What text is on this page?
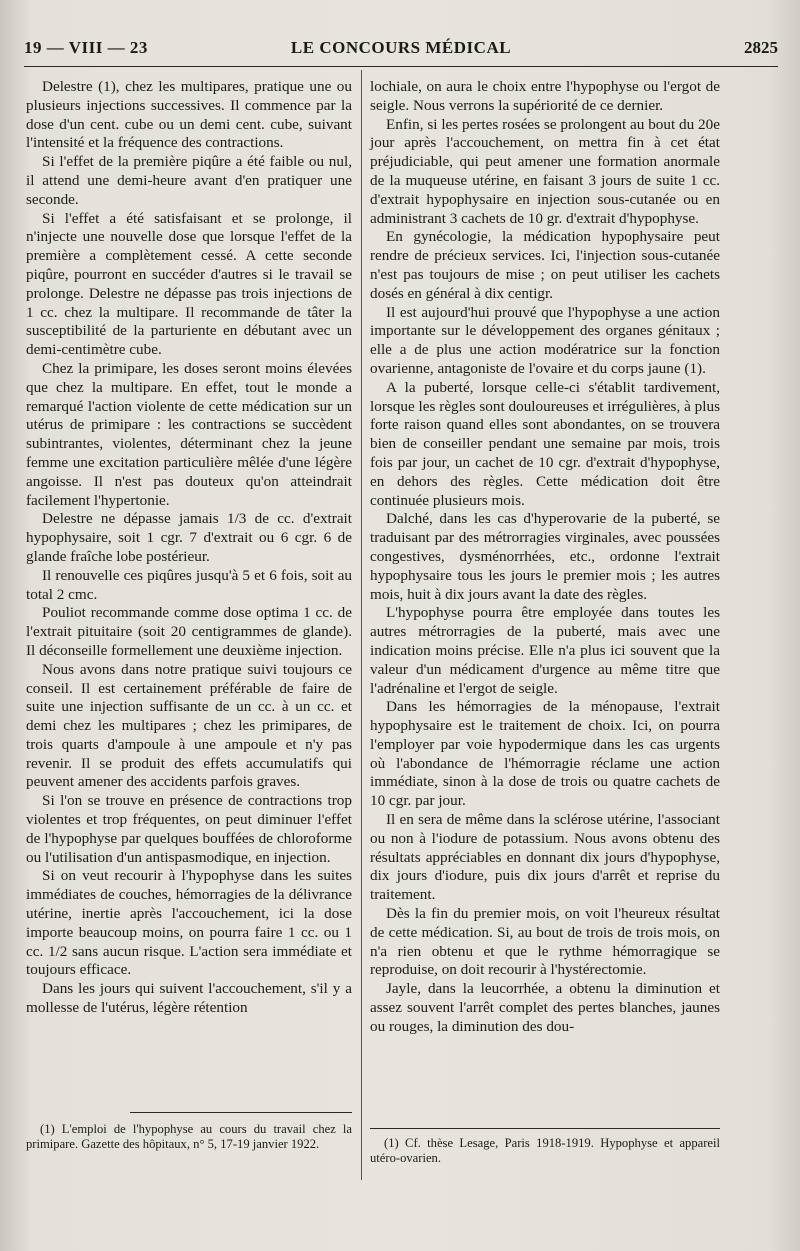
19 — VIII — 23	LE CONCOURS MÉDICAL	2825

Delestre (1), chez les multipares, pratique une ou plusieurs injections successives. Il commence par la dose d'un cent. cube ou un demi cent. cube, suivant l'intensité et la fréquence des contractions.

Si l'effet de la première piqûre a été faible ou nul, il attend une demi-heure avant d'en pratiquer une seconde.

Si l'effet a été satisfaisant et se prolonge, il n'injecte une nouvelle dose que lorsque l'effet de la première a complètement cessé. A cette seconde piqûre, pourront en succéder d'autres si le travail se prolonge. Delestre ne dépasse pas trois injections de 1 cc. chez la multipare. Il recommande de tâter la susceptibilité de la parturiente en débutant avec un demi-centimètre cube.

Chez la primipare, les doses seront moins élevées que chez la multipare. En effet, tout le monde a remarqué l'action violente de cette médication sur un utérus de primipare : les contractions se succèdent subintrantes, violentes, déterminant chez la jeune femme une excitation particulière mêlée d'une légère angoisse. Il n'est pas douteux qu'on atteindrait facilement l'hypertonie.

Delestre ne dépasse jamais 1/3 de cc. d'extrait hypophysaire, soit 1 cgr. 7 d'extrait ou 6 cgr. 6 de glande fraîche lobe postérieur.

Il renouvelle ces piqûres jusqu'à 5 et 6 fois, soit au total 2 cmc.

Pouliot recommande comme dose optima 1 cc. de l'extrait pituitaire (soit 20 centigrammes de glande). Il déconseille formellement une deuxième injection.

Nous avons dans notre pratique suivi toujours ce conseil. Il est certainement préférable de faire de suite une injection suffisante de un cc. à un cc. et demi chez les multipares ; chez les primipares, de trois quarts d'ampoule à une ampoule et n'y pas revenir. Il se produit des effets accumulatifs qui peuvent amener des accidents parfois graves.

Si l'on se trouve en présence de contractions trop violentes et trop fréquentes, on peut diminuer l'effet de l'hypophyse par quelques bouffées de chloroforme ou l'utilisation d'un antispasmodique, en injection.

Si on veut recourir à l'hypophyse dans les suites immédiates de couches, hémorragies de la délivrance utérine, inertie après l'accouchement, ici la dose importe beaucoup moins, on pourra faire 1 cc. ou 1 cc. 1/2 sans aucun risque. L'action sera immédiate et toujours efficace.

Dans les jours qui suivent l'accouchement, s'il y a mollesse de l'utérus, légère rétention

(1) L'emploi de l'hypophyse au cours du travail chez la primipare. Gazette des hôpitaux, n° 5, 17-19 janvier 1922.

lochiale, on aura le choix entre l'hypophyse ou l'ergot de seigle. Nous verrons la supériorité de ce dernier.

Enfin, si les pertes rosées se prolongent au bout du 20e jour après l'accouchement, on mettra fin à cet état préjudiciable, qui peut amener une formation anormale de la muqueuse utérine, en faisant 3 jours de suite 1 cc. d'extrait hypophysaire en injection sous-cutanée ou en administrant 3 cachets de 10 gr. d'extrait d'hypophyse.

En gynécologie, la médication hypophysaire peut rendre de précieux services. Ici, l'injection sous-cutanée n'est pas toujours de mise ; on peut utiliser les cachets dosés en général à dix centigr.

Il est aujourd'hui prouvé que l'hypophyse a une action importante sur le développement des organes génitaux ; elle a de plus une action modératrice sur la fonction ovarienne, antagoniste de l'ovaire et du corps jaune (1).

A la puberté, lorsque celle-ci s'établit tardivement, lorsque les règles sont douloureuses et irrégulières, à plus forte raison quand elles sont abondantes, on se trouvera bien de conseiller pendant une semaine par mois, trois fois par jour, un cachet de 10 cgr. d'extrait d'hypophyse, en dehors des règles. Cette médication doit être continuée plusieurs mois.

Dalché, dans les cas d'hyperovarie de la puberté, se traduisant par des métrorragies virginales, avec poussées congestives, dysménorrhées, etc., ordonne l'extrait hypophysaire tous les jours le premier mois ; les autres mois, huit à dix jours avant la date des règles.

L'hypophyse pourra être employée dans toutes les autres métrorragies de la puberté, mais avec une indication moins précise. Elle n'a plus ici souvent que la valeur d'un médicament d'urgence au même titre que l'adrénaline et l'ergot de seigle.

Dans les hémorragies de la ménopause, l'extrait hypophysaire est le traitement de choix. Ici, on pourra l'employer par voie hypodermique dans les cas urgents où l'abondance de l'hémorragie réclame une action immédiate, sinon à la dose de trois ou quatre cachets de 10 cgr. par jour.

Il en sera de même dans la sclérose utérine, l'associant ou non à l'iodure de potassium. Nous avons obtenu des résultats appréciables en donnant dix jours d'hypophyse, dix jours d'iodure, puis dix jours d'arrêt et reprise du traitement.

Dès la fin du premier mois, on voit l'heureux résultat de cette médication. Si, au bout de trois de trois mois, on n'a rien obtenu et que le rythme hémorragique se reproduise, on doit recourir à l'hystérectomie.

Jayle, dans la leucorrhée, a obtenu la diminution et assez souvent l'arrêt complet des pertes blanches, jaunes ou rouges, la diminution des dou-

(1) Cf. thèse Lesage, Paris 1918-1919. Hypophyse et appareil utéro-ovarien.
